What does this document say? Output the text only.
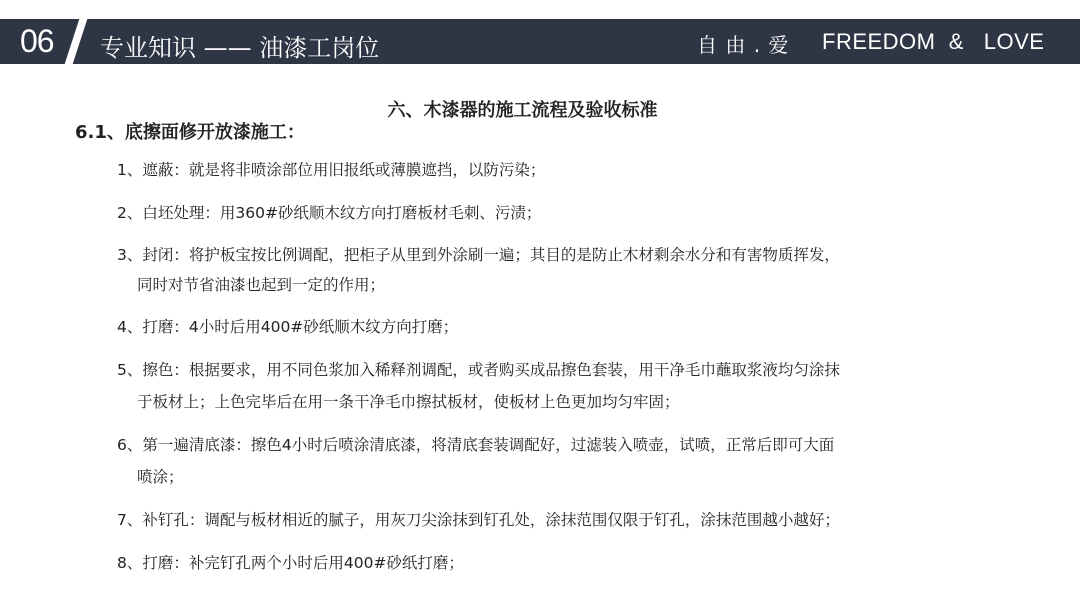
06 专业知识 —— 油漆工岗位	自 由 . 爱 FREEDOM  &   LOVE
六、木漆器的施工流程及验收标准
6.1、底擦面修开放漆施工：
1、遮蔽：就是将非喷涂部位用旧报纸或薄膜遮挡，以防污染；
2、白坯处理：用360#砂纸顺木纹方向打磨板材毛刺、污渍；
3、封闭：将护板宝按比例调配，把柜子从里到外涂刷一遍；其目的是防止木材剩余水分和有害物质挥发，
同时对节省油漆也起到一定的作用；
4、打磨：4小时后用400#砂纸顺木纹方向打磨；
5、擦色：根据要求，用不同色浆加入稀释剂调配，或者购买成品擦色套装，用干净毛巾蘸取浆液均匀涂抹
于板材上；上色完毕后在用一条干净毛巾擦拭板材，使板材上色更加均匀牢固；
6、第一遍清底漆：擦色4小时后喷涂清底漆，将清底套装调配好，过滤装入喷壶，试喷，正常后即可大面
喷涂；
7、补钉孔：调配与板材相近的腻子，用灰刀尖涂抹到钉孔处，涂抹范围仅限于钉孔，涂抹范围越小越好；
8、打磨：补完钉孔两个小时后用400#砂纸打磨；
